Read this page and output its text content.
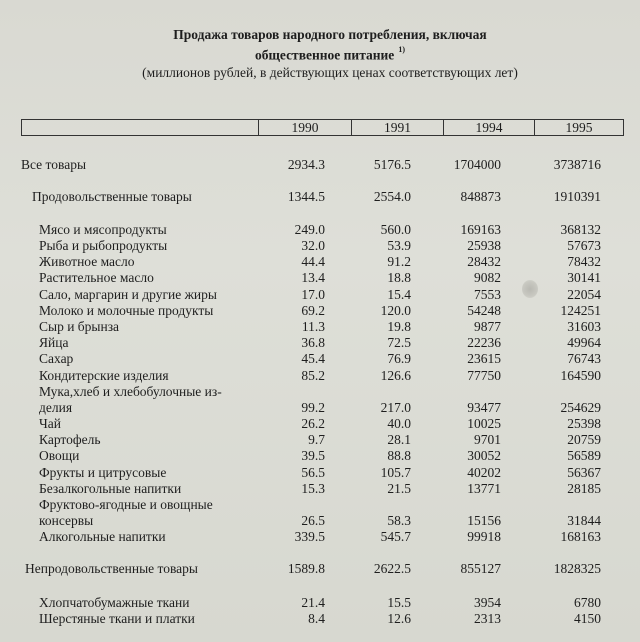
Продажа товаров народного потребления, включая
общественное питание $^{1)}$
(миллионов рублей, в действующих ценах соответствующих лет)
1990	1991	1994	1995
Все товары	2934.3	5176.5	1704000	3738716
Продовольственные товары	1344.5	2554.0	848873	1910391
Мясо и мясопродукты	249.0	560.0	169163	368132
Рыба и рыбопродукты	32.0	53.9	25938	57673
Животное масло	44.4	91.2	28432	78432
Растительное масло	13.4	18.8	9082	30141
Сало, маргарин и другие жиры	17.0	15.4	7553	22054
Молоко и молочные продукты	69.2	120.0	54248	124251
Сыр и брынза	11.3	19.8	9877	31603
Яйца	36.8	72.5	22236	49964
Сахар	45.4	76.9	23615	76743
Кондитерские изделия	85.2	126.6	77750	164590
Мука,хлеб и хлебобулочные из-
делия	99.2	217.0	93477	254629
Чай	26.2	40.0	10025	25398
Картофель	9.7	28.1	9701	20759
Овощи	39.5	88.8	30052	56589
Фрукты и цитрусовые	56.5	105.7	40202	56367
Безалкогольные напитки	15.3	21.5	13771	28185
Фруктово-ягодные и овощные
консервы	26.5	58.3	15156	31844
Алкогольные напитки	339.5	545.7	99918	168163
Непродовольственные товары	1589.8	2622.5	855127	1828325
Хлопчатобумажные ткани	21.4	15.5	3954	6780
Шерстяные ткани и платки	8.4	12.6	2313	4150
